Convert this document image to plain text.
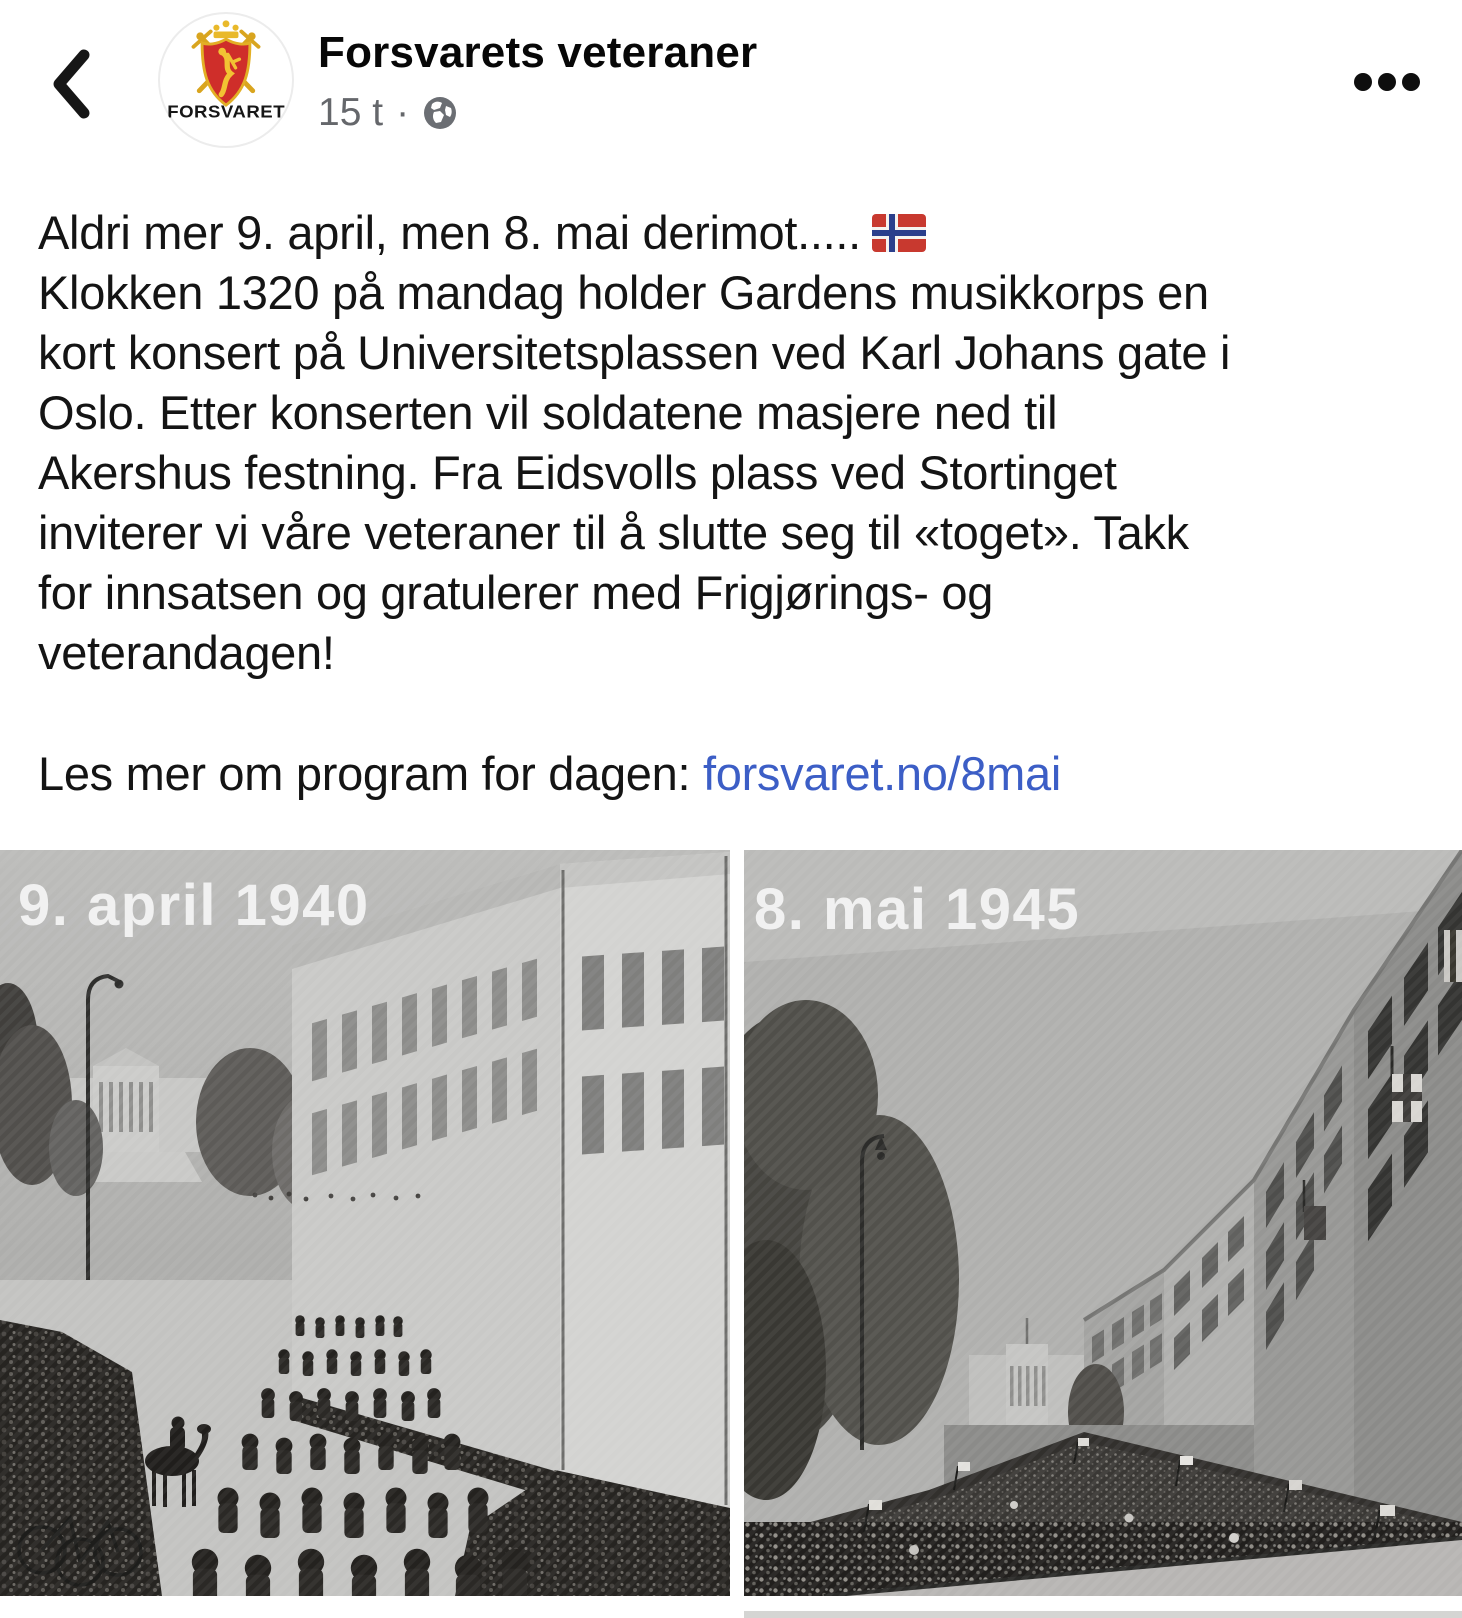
FORSVARET
Forsvarets veteraner
15 t ·
Aldri mer 9. april, men 8. mai derimot.....
Klokken 1320 på mandag holder Gardens musikkorps en
kort konsert på Universitetsplassen ved Karl Johans gate i
Oslo. Etter konserten vil soldatene masjere ned til
Akershus festning. Fra Eidsvolls plass ved Stortinget
inviterer vi våre veteraner til å slutte seg til «toget». Takk
for innsatsen og gratulerer med Frigjørings- og
veterandagen!
Les mer om program for dagen: forsvaret.no/8mai
9. april 1940	8. mai 1945
